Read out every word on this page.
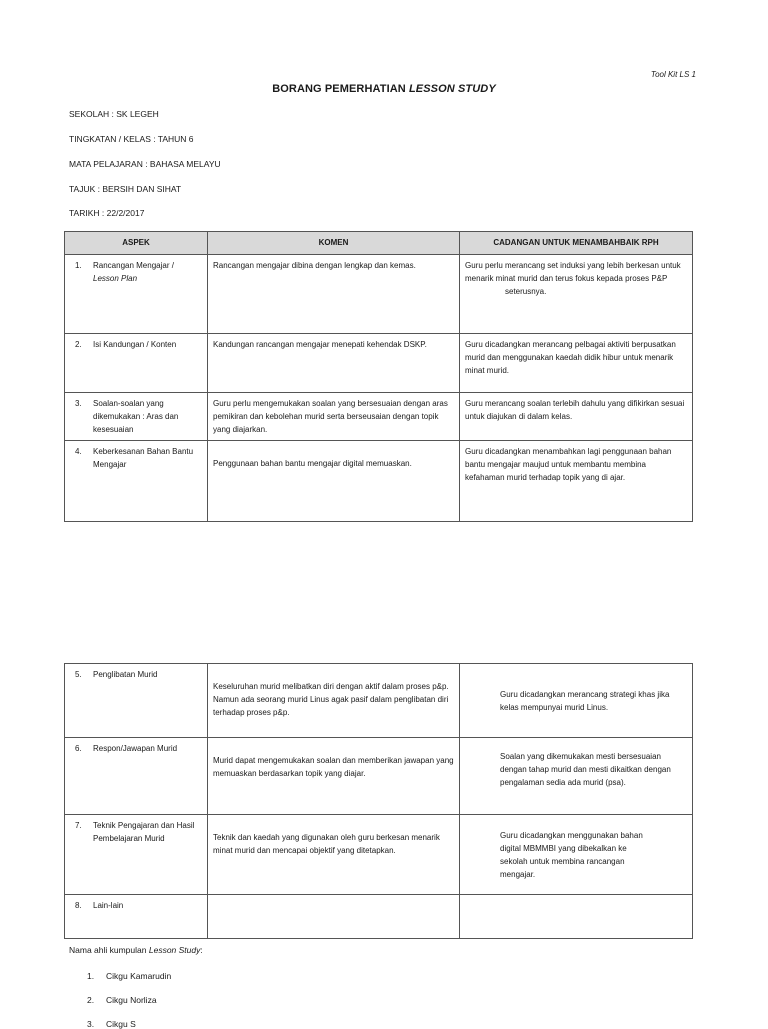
Tool Kit LS 1
BORANG PEMERHATIAN LESSON STUDY
SEKOLAH : SK LEGEH
TINGKATAN / KELAS : TAHUN 6
MATA PELAJARAN : BAHASA MELAYU
TAJUK : BERSIH DAN SIHAT
TARIKH : 22/2/2017
ASPEK	KOMEN	CADANGAN UNTUK MENAMBAHBAIK RPH

1. Rancangan Mengajar /
Lesson Plan	Rancangan mengajar dibina dengan lengkap dan kemas.	Guru perlu merancang set induksi yang lebih berkesan untuk menarik minat murid dan terus fokus kepada proses P&P
seterusnya.

2. Isi Kandungan / Konten	Kandungan rancangan mengajar menepati kehendak DSKP.	Guru dicadangkan merancang pelbagai aktiviti berpusatkan murid dan menggunakan kaedah didik hibur untuk menarik minat murid.

3. Soalan-soalan yang dikemukakan : Aras dan kesesuaian	Guru perlu mengemukakan soalan yang bersesuaian dengan aras pemikiran dan kebolehan murid serta berseusaian dengan topik yang diajarkan.	Guru merancang soalan terlebih dahulu yang difikirkan sesuai untuk diajukan di dalam kelas.

4. Keberkesanan Bahan Bantu Mengajar	Penggunaan bahan bantu mengajar digital memuaskan.	Guru dicadangkan menambahkan lagi penggunaan bahan bantu mengajar maujud untuk membantu membina kefahaman murid terhadap topik yang di ajar.
5. Penglibatan Murid	Keseluruhan murid melibatkan diri dengan aktif dalam proses p&p. Namun ada seorang murid Linus agak pasif dalam penglibatan diri terhadap proses p&p.	Guru dicadangkan merancang strategi khas jika kelas mempunyai murid Linus.

6. Respon/Jawapan Murid	Murid dapat mengemukakan soalan dan memberikan jawapan yang memuaskan berdasarkan topik yang diajar.	Soalan yang dikemukakan mesti bersesuaian dengan tahap murid dan mesti dikaitkan dengan pengalaman sedia ada murid (psa).

7. Teknik Pengajaran dan Hasil Pembelajaran Murid	Teknik dan kaedah yang digunakan oleh guru berkesan menarik minat murid dan mencapai objektif yang ditetapkan.	Guru dicadangkan menggunakan bahan digital MBMMBI yang dibekalkan ke sekolah untuk membina rancangan mengajar.

8. Lain-lain		

Nama ahli kumpulan Lesson Study:
1.	Cikgu Kamarudin
2.	Cikgu Norliza
3.	Cikgu S
